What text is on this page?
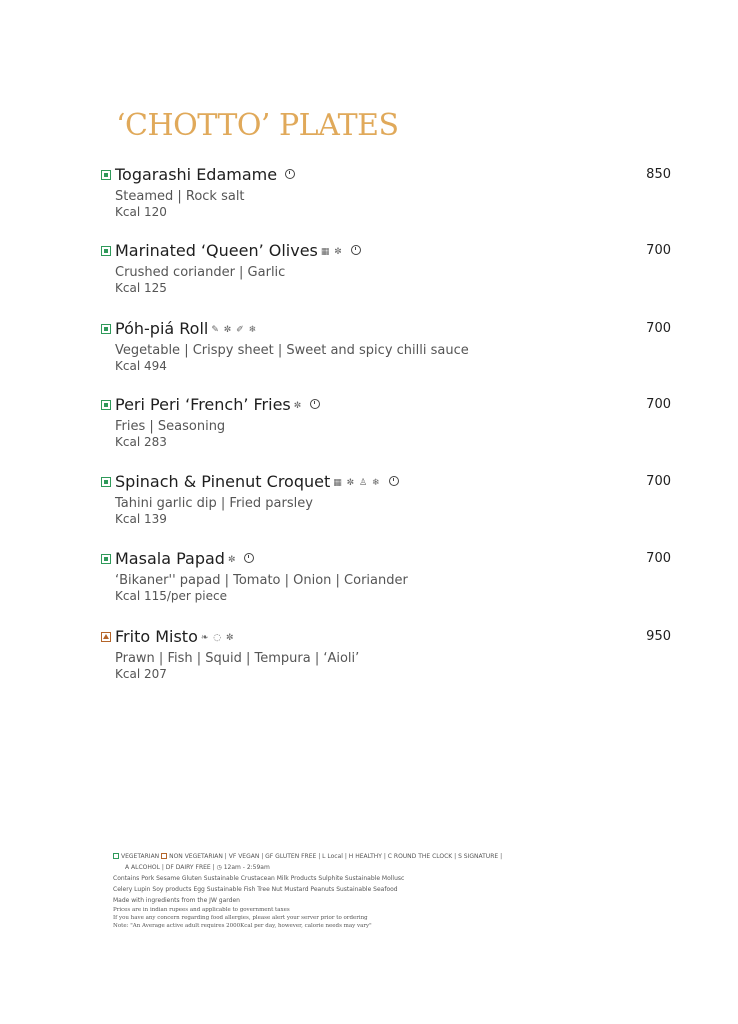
‘CHOTTO’ PLATES
Togarashi Edamame	850
Steamed | Rock salt
Kcal 120
Marinated ‘Queen’ Olives ▦ ✼	700
Crushed coriander | Garlic
Kcal 125
Póh-piá Roll ✎ ✼ ✐ ❄	700
Vegetable | Crispy sheet | Sweet and spicy chilli sauce
Kcal 494
Peri Peri ‘French’ Fries ✼	700
Fries | Seasoning
Kcal 283
Spinach & Pinenut Croquet ▦ ✼ ♙ ❄	700
Tahini garlic dip | Fried parsley
Kcal 139
Masala Papad ✼	700
‘Bikaner'' papad | Tomato | Onion | Coriander
Kcal 115/per piece
Frito Misto ❧ ◌ ✼	950
Prawn | Fish | Squid | Tempura | ‘Aioli’
Kcal 207
VEGETARIAN NON VEGETARIAN | VF VEGAN | GF GLUTEN FREE | L Local | H HEALTHY | C ROUND THE CLOCK | S SIGNATURE |
A ALCOHOL | DF DAIRY FREE | ◷ 12am - 2:59am
Contains Pork Sesame Gluten Sustainable Crustacean Milk Products Sulphite Sustainable Mollusc
Celery Lupin Soy products Egg Sustainable Fish Tree Nut Mustard Peanuts Sustainable Seafood
Made with ingredients from the JW garden
Prices are in indian rupees and applicable to government taxes
If you have any concern regarding food allergies, please alert your server prior to ordering
Note: "An Average active adult requires 2000Kcal per day, however, calorie needs may vary"
